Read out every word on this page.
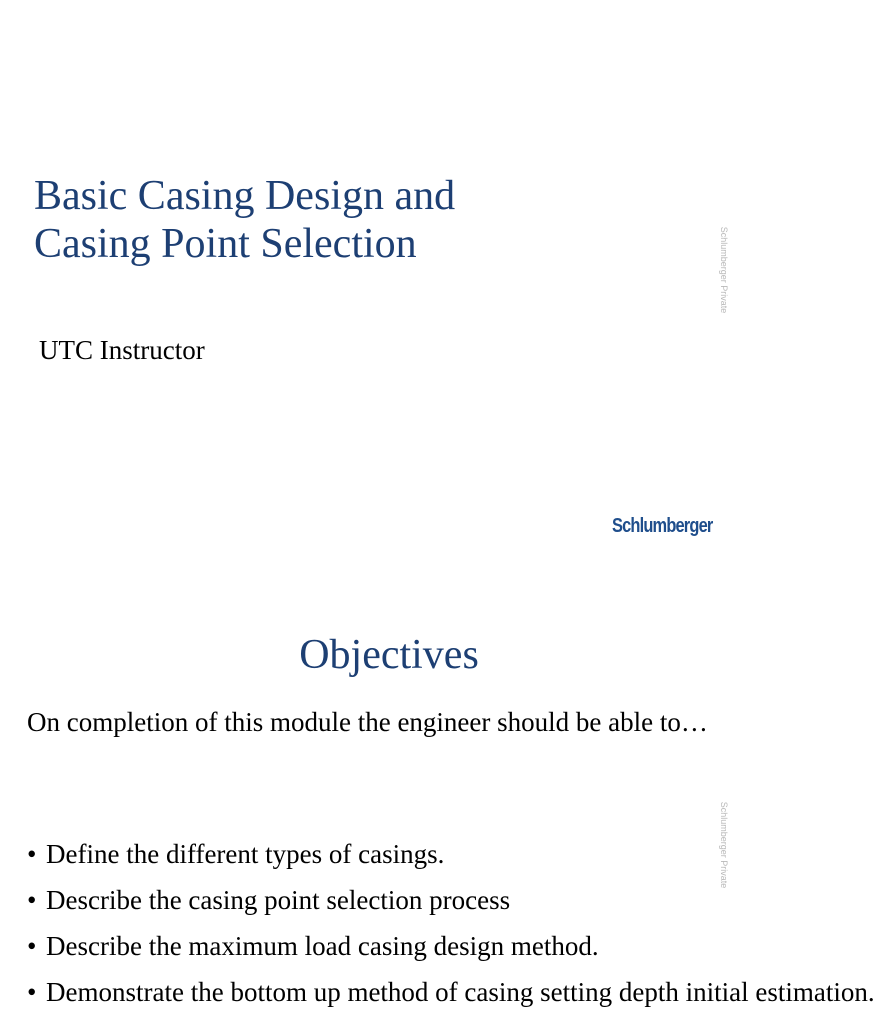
Basic Casing Design and
Casing Point Selection

UTC Instructor

Schlumberger Private
Schlumberger
Objectives

On completion of this module the engineer should be able to…

Schlumberger Private
• Define the different types of casings.
• Describe the casing point selection process
• Describe the maximum load casing design method.
• Demonstrate the bottom up method of casing setting depth initial estimation.
